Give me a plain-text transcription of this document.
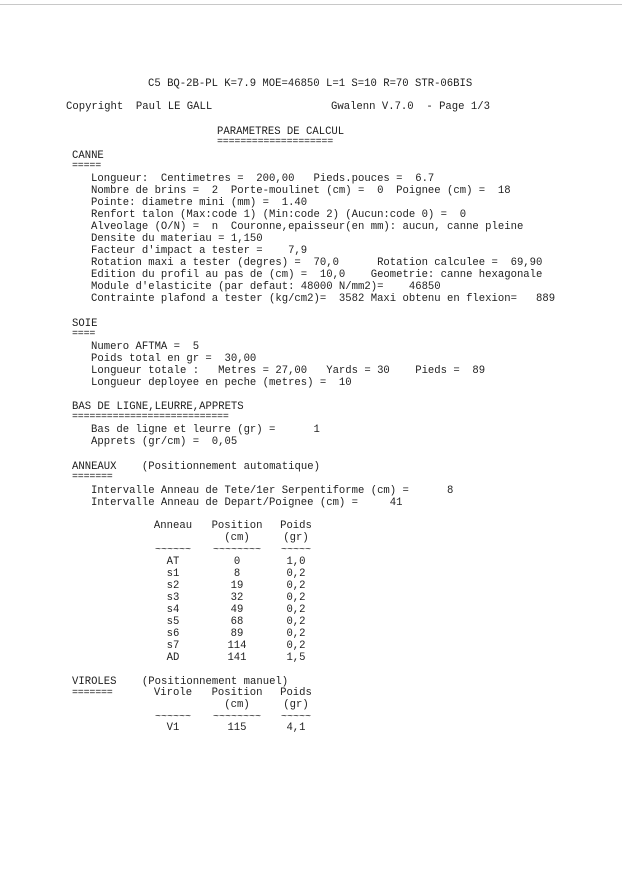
C5 BQ-2B-PL K=7.9 MOE=46850 L=1 S=10 R=70 STR-06BIS
Copyright  Paul LE GALL	Gwalenn V.7.0  - Page 1/3
PARAMETRES DE CALCUL
====================
CANNE
=====
Longueur:  Centimetres =  200,00   Pieds.pouces =  6.7
Nombre de brins =  2  Porte-moulinet (cm) =  0  Poignee (cm) =  18
Pointe: diametre mini (mm) =  1.40
Renfort talon (Max:code 1) (Min:code 2) (Aucun:code 0) =  0
Alveolage (O/N) =  n  Couronne,epaisseur(en mm): aucun, canne pleine
Densite du materiau = 1,150
Facteur d'impact a tester =    7,9
Rotation maxi a tester (degres) =  70,0      Rotation calculee =  69,90
Edition du profil au pas de (cm) =  10,0    Geometrie: canne hexagonale
Module d'elasticite (par defaut: 48000 N/mm2)=    46850
Contrainte plafond a tester (kg/cm2)=  3582 Maxi obtenu en flexion=   889
SOIE
====
Numero AFTMA =  5
Poids total en gr =  30,00
Longueur totale :   Metres = 27,00   Yards = 30    Pieds =  89
Longueur deployee en peche (metres) =  10
BAS DE LIGNE,LEURRE,APPRETS
===========================
Bas de ligne et leurre (gr) =      1
Apprets (gr/cm) =  0,05
ANNEAUX    (Positionnement automatique)
=======
Intervalle Anneau de Tete/1er Serpentiforme (cm) =      8
Intervalle Anneau de Depart/Poignee (cm) =     41
Anneau	Position	Poids
(cm)	(gr)
~~~~~~	~~~~~~~~	~~~~~
AT	0	1,0
s1	8	0,2
s2	19	0,2
s3	32	0,2
s4	49	0,2
s5	68	0,2
s6	89	0,2
s7	114	0,2
AD	141	1,5
VIROLES    (Positionnement manuel)
=======	Virole	Position	Poids
(cm)	(gr)
~~~~~~	~~~~~~~~	~~~~~
V1	115	4,1
